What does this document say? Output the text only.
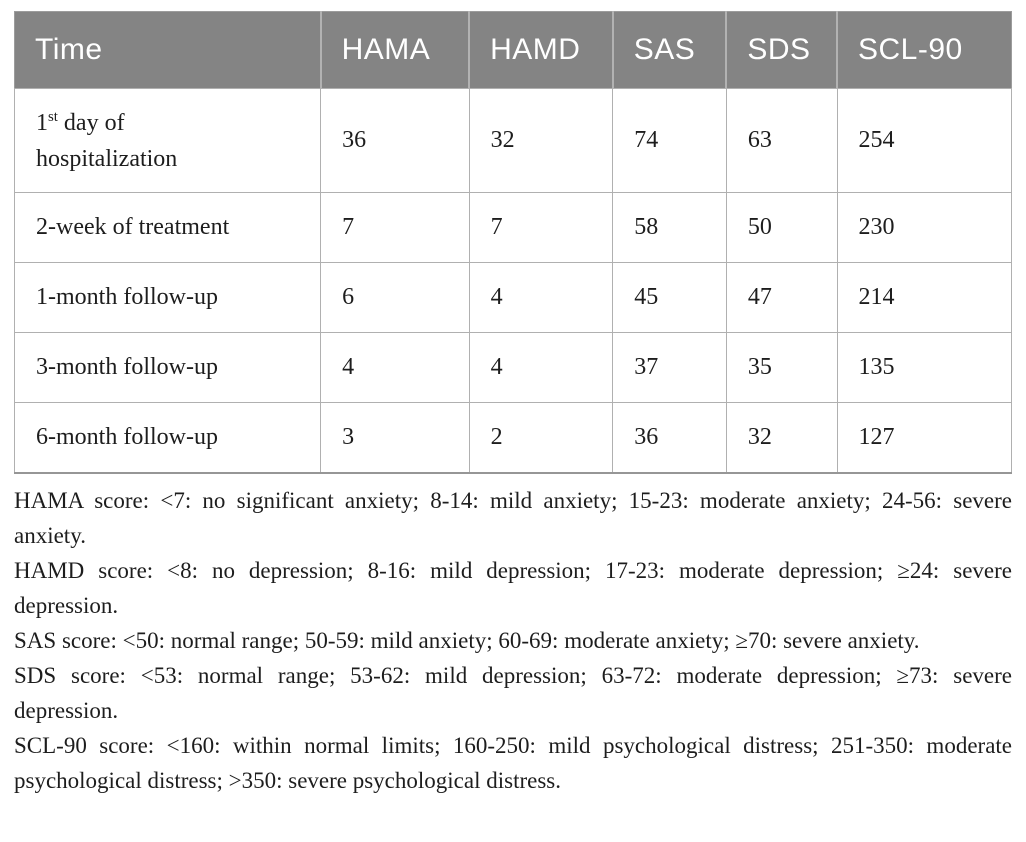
Time	HAMA	HAMD	SAS	SDS	SCL-90

1st day of hospitalization	36	32	74	63	254
2-week of treatment	7	7	58	50	230
1-month follow-up	6	4	45	47	214
3-month follow-up	4	4	37	35	135
6-month follow-up	3	2	36	32	127

HAMA score: <7: no significant anxiety; 8-14: mild anxiety; 15-23: moderate anxiety; 24-56: severe anxiety.

HAMD score: <8: no depression; 8-16: mild depression; 17-23: moderate depression; ≥24: severe depression.

SAS score: <50: normal range; 50-59: mild anxiety; 60-69: moderate anxiety; ≥70: severe anxiety.

SDS score: <53: normal range; 53-62: mild depression; 63-72: moderate depression; ≥73: severe depression.

SCL-90 score: <160: within normal limits; 160-250: mild psychological distress; 251-350: moderate psychological distress; >350: severe psychological distress.
